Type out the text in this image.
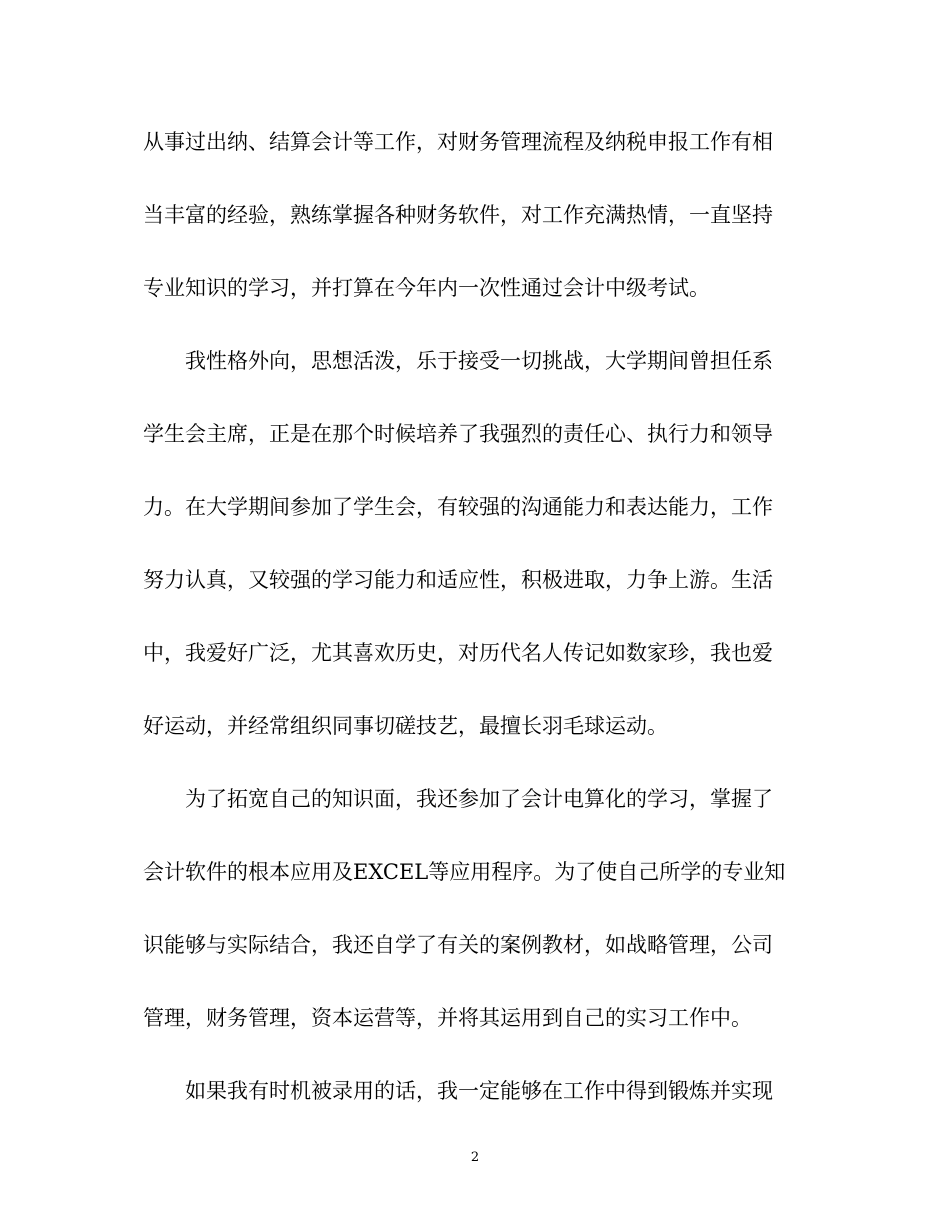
从事过出纳、结算会计等工作，对财务管理流程及纳税申报工作有相
当丰富的经验，熟练掌握各种财务软件，对工作充满热情，一直坚持
专业知识的学习，并打算在今年内一次性通过会计中级考试。
我性格外向，思想活泼，乐于接受一切挑战，大学期间曾担任系
学生会主席，正是在那个时候培养了我强烈的责任心、执行力和领导
力。在大学期间参加了学生会，有较强的沟通能力和表达能力，工作
努力认真，又较强的学习能力和适应性，积极进取，力争上游。生活
中，我爱好广泛，尤其喜欢历史，对历代名人传记如数家珍，我也爱
好运动，并经常组织同事切磋技艺，最擅长羽毛球运动。
为了拓宽自己的知识面，我还参加了会计电算化的学习，掌握了
会计软件的根本应用及EXCEL等应用程序。为了使自己所学的专业知
识能够与实际结合，我还自学了有关的案例教材，如战略管理，公司
管理，财务管理，资本运营等，并将其运用到自己的实习工作中。
如果我有时机被录用的话，我一定能够在工作中得到锻炼并实现
2
